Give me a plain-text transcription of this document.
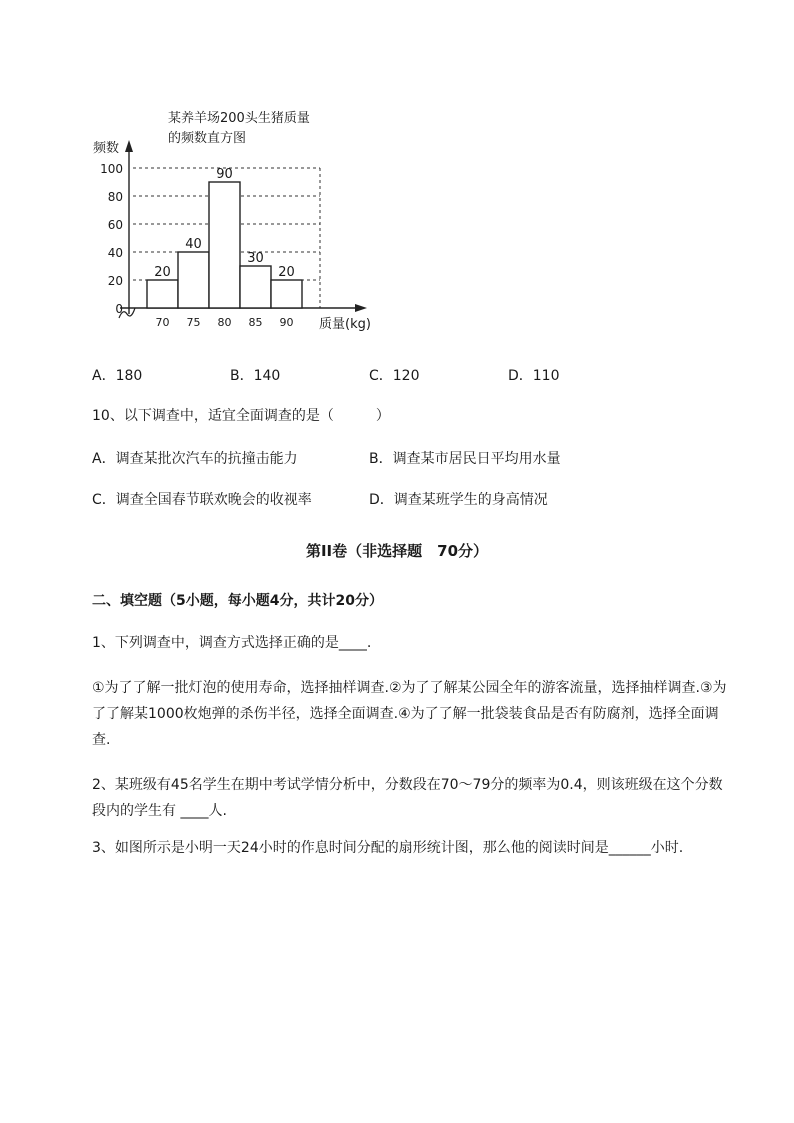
某养羊场200头生猪质量
的频数直方图
频数
0
20
40
60
80
100
20
40
90
30
20
70 75 80 85 90 质量(kg)
A．180	B．140	C．120	D．110
10、以下调查中，适宜全面调查的是（　　　）
A．调查某批次汽车的抗撞击能力	B．调查某市居民日平均用水量
C．调查全国春节联欢晚会的收视率	D．调查某班学生的身高情况
第II卷（非选择题　70分）
二、填空题（5小题，每小题4分，共计20分）
1、下列调查中，调查方式选择正确的是____.
①为了了解一批灯泡的使用寿命，选择抽样调查.②为了了解某公园全年的游客流量，选择抽样调查.③为了了解某1000枚炮弹的杀伤半径，选择全面调查.④为了了解一批袋装食品是否有防腐剂，选择全面调查.
2、某班级有45名学生在期中考试学情分析中，分数段在70～79分的频率为0.4，则该班级在这个分数段内的学生有 ____人.
3、如图所示是小明一天24小时的作息时间分配的扇形统计图，那么他的阅读时间是______小时.
